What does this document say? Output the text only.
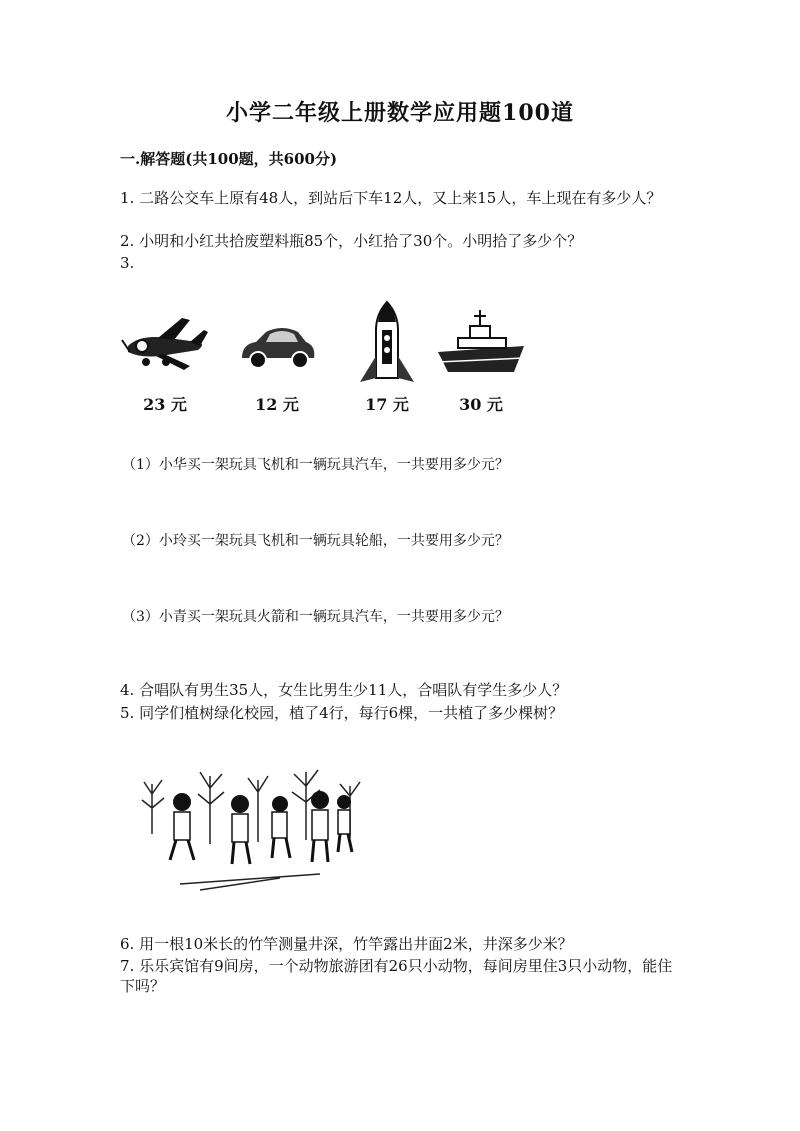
小学二年级上册数学应用题100道
一.解答题(共100题，共600分)
1. 二路公交车上原有48人，到站后下车12人，又上来15人，车上现在有多少人？
2. 小明和小红共拾废塑料瓶85个，小红拾了30个。小明拾了多少个？
3.
23 元	12 元	17 元	30 元
（1）小华买一架玩具飞机和一辆玩具汽车，一共要用多少元？
（2）小玲买一架玩具飞机和一辆玩具轮船，一共要用多少元？
（3）小青买一架玩具火箭和一辆玩具汽车，一共要用多少元？
4. 合唱队有男生35人，女生比男生少11人，合唱队有学生多少人？
5. 同学们植树绿化校园，植了4行，每行6棵，一共植了多少棵树？
6. 用一根10米长的竹竿测量井深，竹竿露出井面2米，井深多少米？
7. 乐乐宾馆有9间房，一个动物旅游团有26只小动物，每间房里住3只小动物，能住下吗？
